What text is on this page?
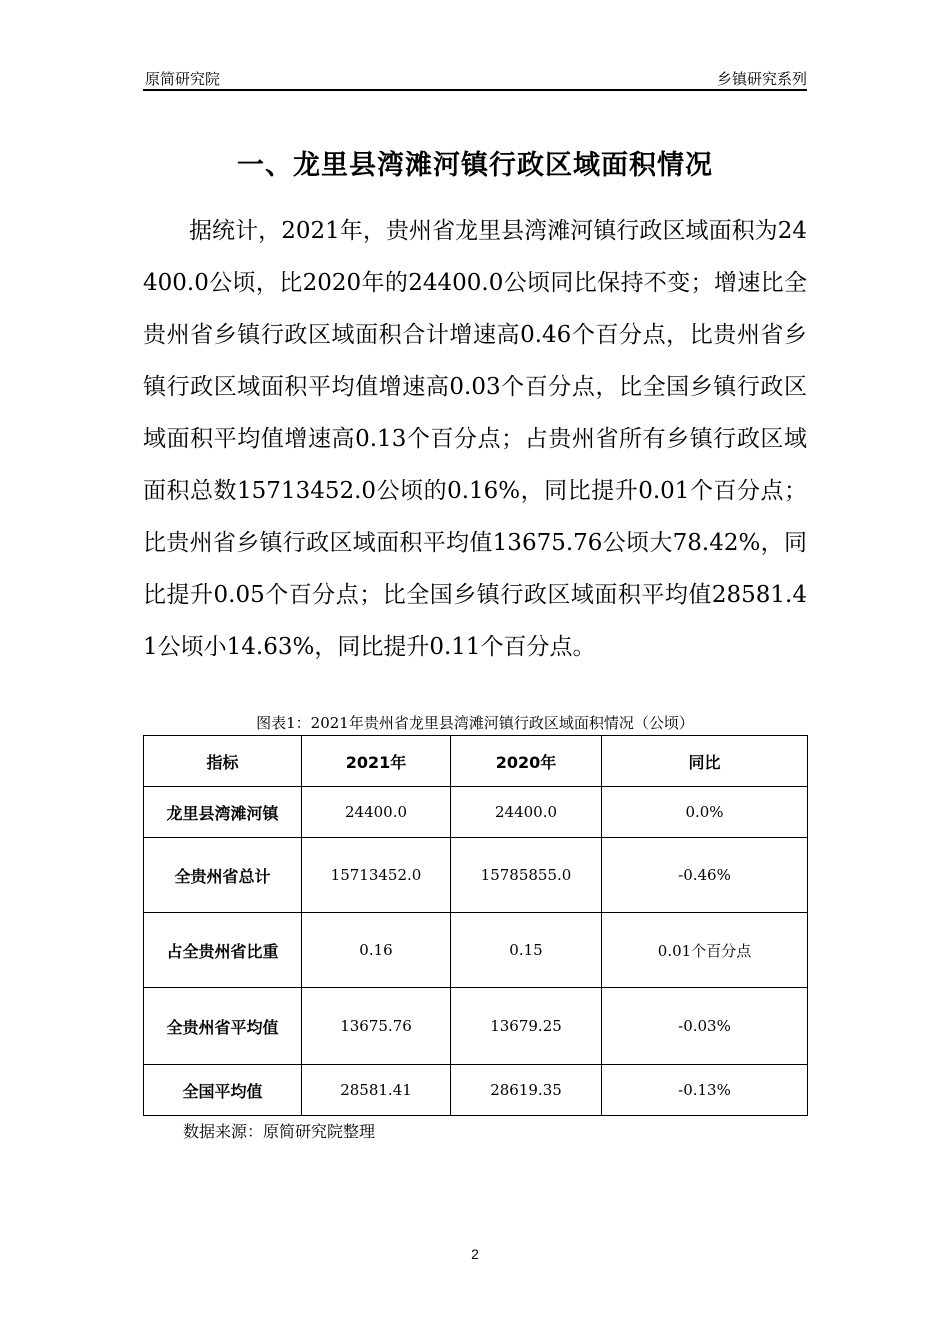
原简研究院	乡镇研究系列
一、龙里县湾滩河镇行政区域面积情况

据统计，2021年，贵州省龙里县湾滩河镇行政区域面积为24400.0公顷，比2020年的24400.0公顷同比保持不变；增速比全贵州省乡镇行政区域面积合计增速高0.46个百分点，比贵州省乡镇行政区域面积平均值增速高0.03个百分点，比全国乡镇行政区域面积平均值增速高0.13个百分点；占贵州省所有乡镇行政区域面积总数15713452.0公顷的0.16%，同比提升0.01个百分点；比贵州省乡镇行政区域面积平均值13675.76公顷大78.42%，同比提升0.05个百分点；比全国乡镇行政区域面积平均值28581.41公顷小14.63%，同比提升0.11个百分点。

图表1：2021年贵州省龙里县湾滩河镇行政区域面积情况（公顷）
指标	2021年	2020年	同比
龙里县湾滩河镇	24400.0	24400.0	0.0%
全贵州省总计	15713452.0	15785855.0	-0.46%
占全贵州省比重	0.16	0.15	0.01个百分点
全贵州省平均值	13675.76	13679.25	-0.03%
全国平均值	28581.41	28619.35	-0.13%
数据来源：原简研究院整理
2
